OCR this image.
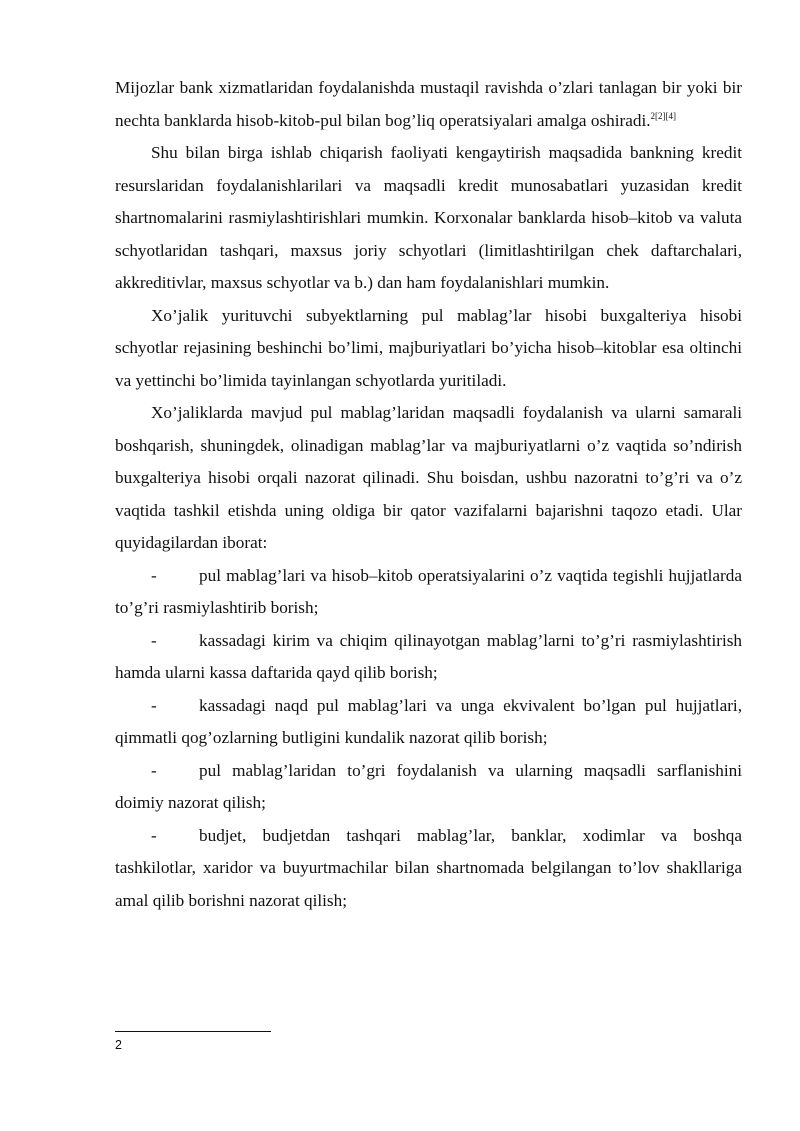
Mijozlar bank xizmatlaridan foydalanishda mustaqil ravishda o’zlari tanlagan bir yoki bir nechta banklarda hisob-kitob-pul bilan bog’liq operatsiyalari amalga oshiradi.$^{2[2][4]}$

Shu bilan birga ishlab chiqarish faoliyati kengaytirish maqsadida bankning kredit resurslaridan foydalanishlarilari va maqsadli kredit munosabatlari yuzasidan kredit shartnomalarini rasmiylashtirishlari mumkin. Korxonalar banklarda hisob–kitob va valuta schyotlaridan tashqari, maxsus joriy schyotlari (limitlashtirilgan chek daftarchalari, akkreditivlar, maxsus schyotlar va b.) dan ham foydalanishlari mumkin.

Xo’jalik yurituvchi subyektlarning pul mablag’lar hisobi buxgalteriya hisobi schyotlar rejasining beshinchi bo’limi, majburiyatlari bo’yicha hisob–kitoblar esa oltinchi va yettinchi bo’limida tayinlangan schyotlarda yuritiladi.

Xo’jaliklarda mavjud pul mablag’laridan maqsadli foydalanish va ularni samarali boshqarish, shuningdek, olinadigan mablag’lar va majburiyatlarni o’z vaqtida so’ndirish buxgalteriya hisobi orqali nazorat qilinadi. Shu boisdan, ushbu nazoratni to’g’ri va o’z vaqtida tashkil etishda uning oldiga bir qator vazifalarni bajarishni taqozo etadi. Ular quyidagilardan iborat:

- pul mablag’lari va hisob–kitob operatsiyalarini o’z vaqtida tegishli hujjatlarda to’g’ri rasmiylashtirib borish;

- kassadagi kirim va chiqim qilinayotgan mablag’larni to’g’ri rasmiylashtirish hamda ularni kassa daftarida qayd qilib borish;

- kassadagi naqd pul mablag’lari va unga ekvivalent bo’lgan pul hujjatlari, qimmatli qog’ozlarning butligini kundalik nazorat qilib borish;

- pul mablag’laridan to’gri foydalanish va ularning maqsadli sarflanishini doimiy nazorat qilish;

- budjet, budjetdan tashqari mablag’lar, banklar, xodimlar va boshqa tashkilotlar, xaridor va buyurtmachilar bilan shartnomada belgilangan to’lov shakllariga amal qilib borishni nazorat qilish;

2
